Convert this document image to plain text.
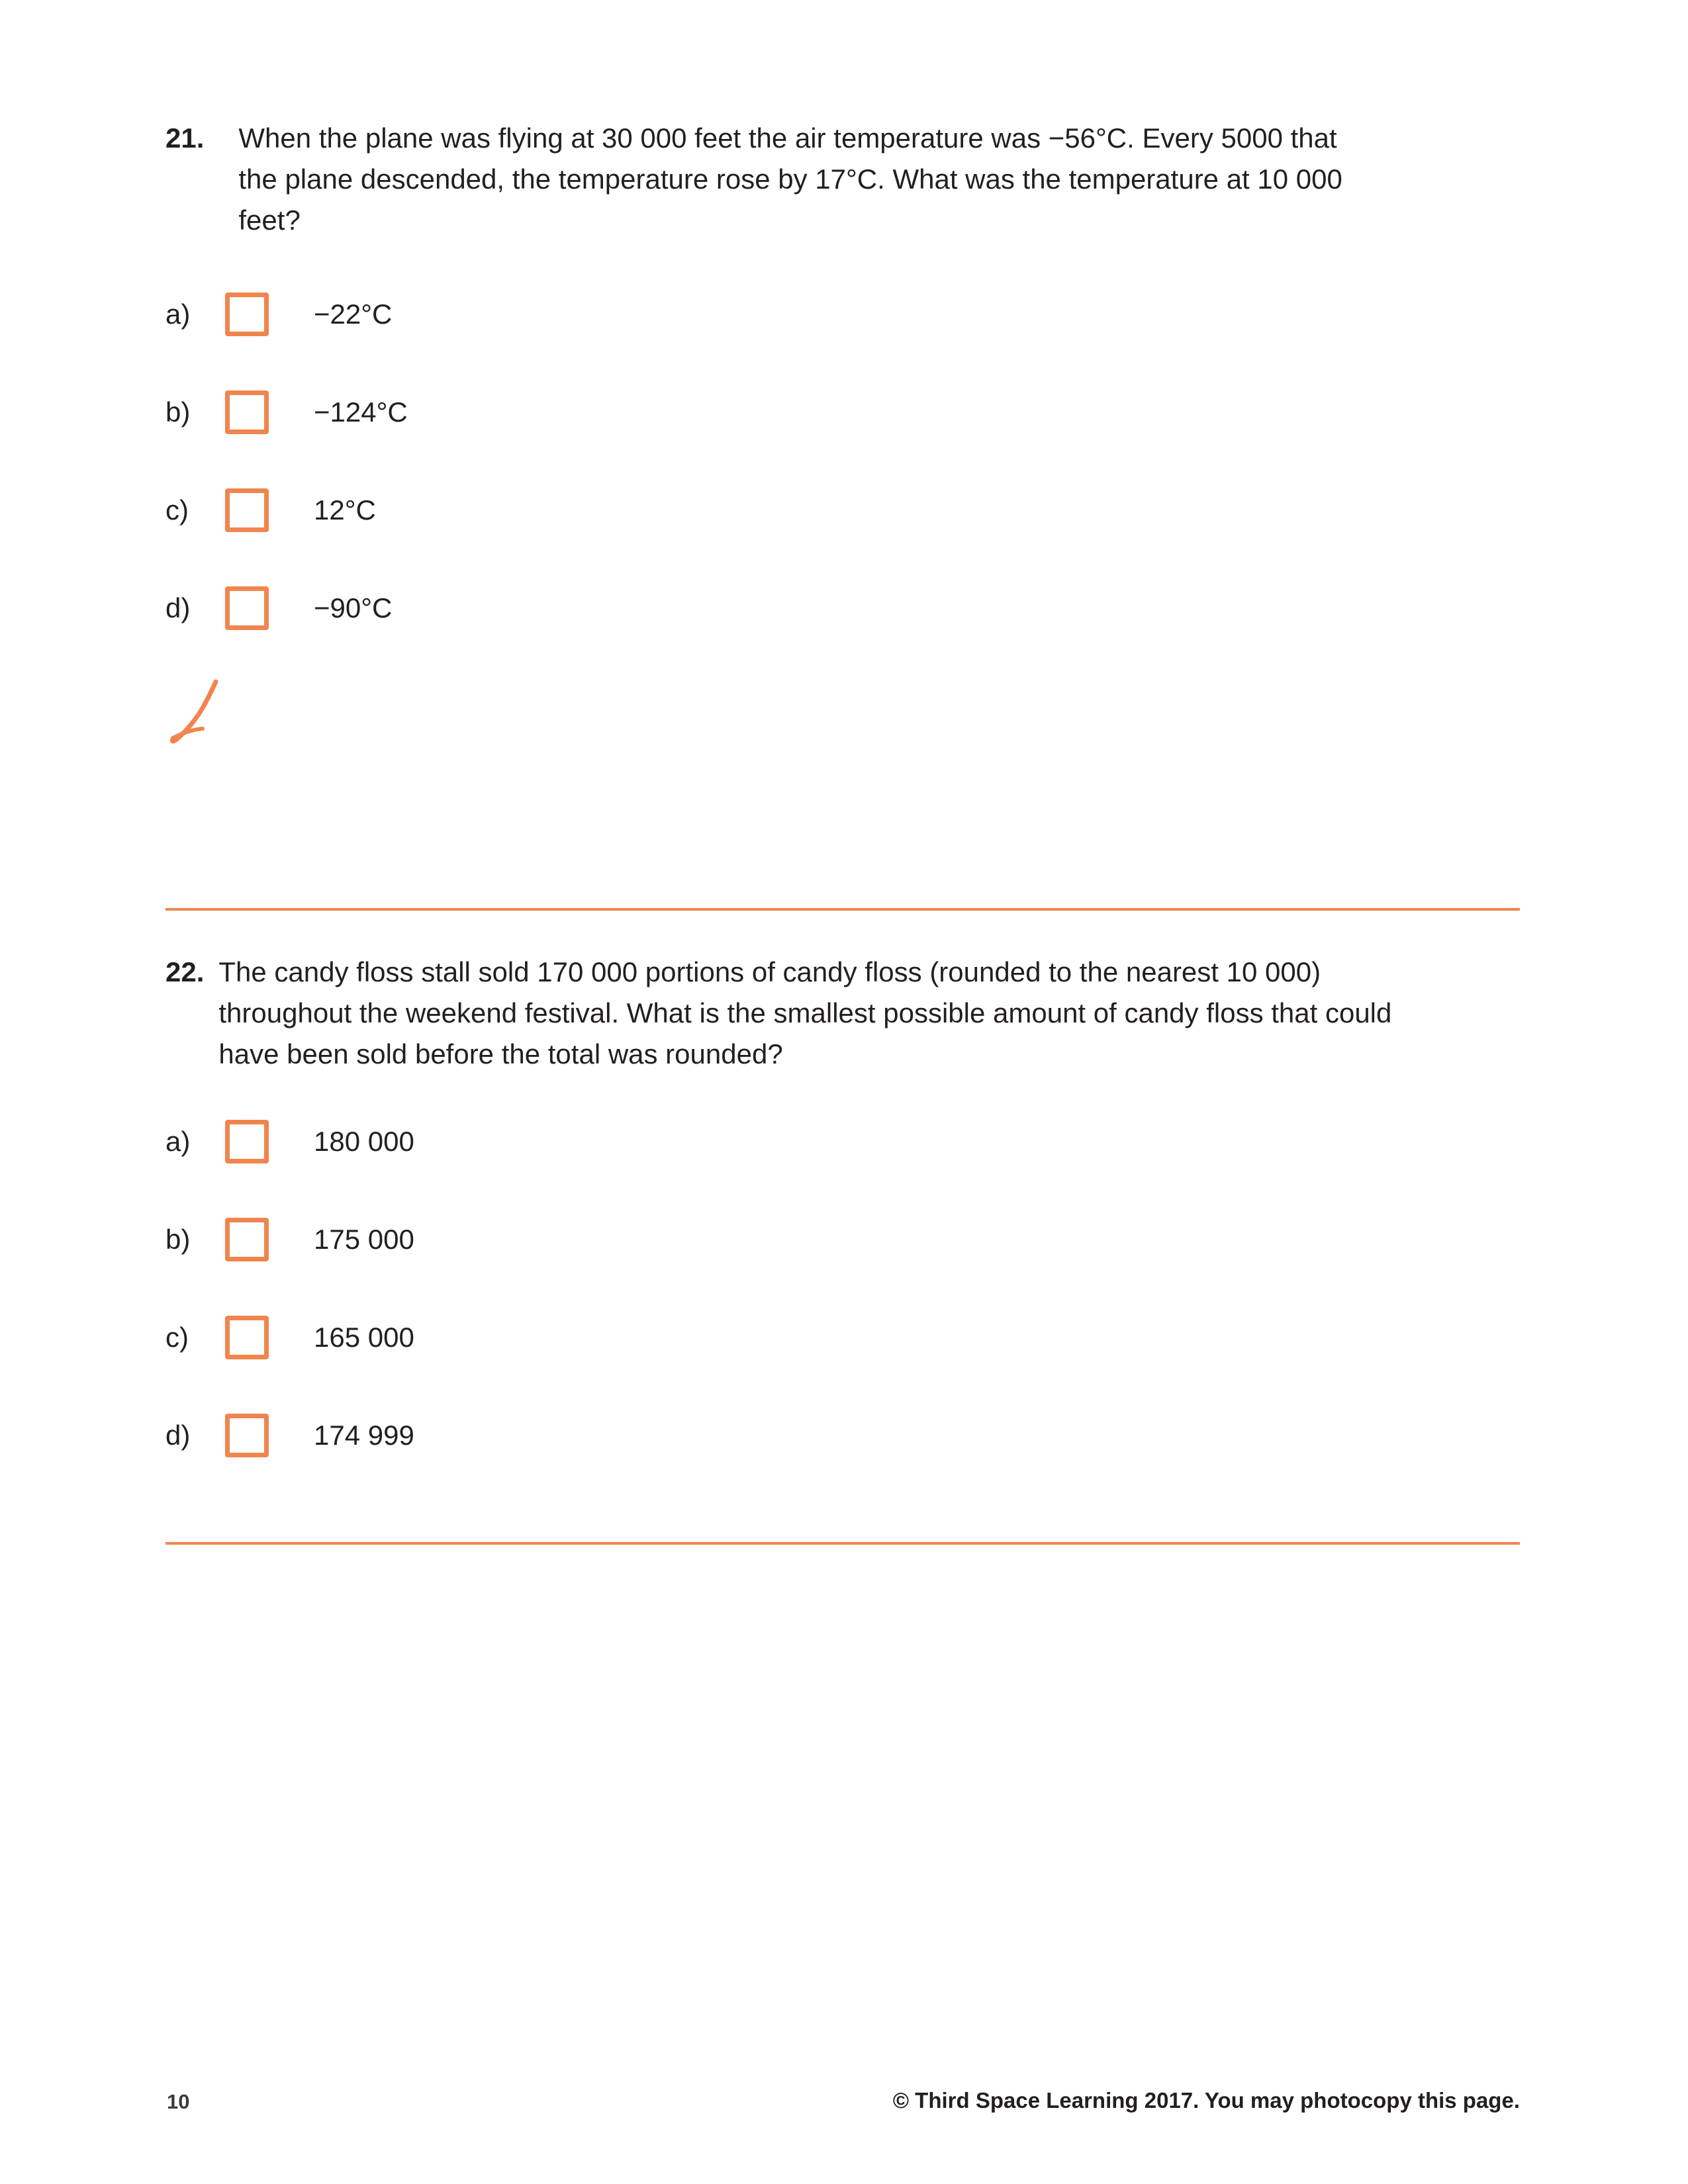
21. When the plane was flying at 30 000 feet the air temperature was −56°C. Every 5000 that the plane descended, the temperature rose by 17°C. What was the temperature at 10 000 feet?
a)	−22°C
b)	−124°C
c)	12°C
d)	−90°C
22. The candy floss stall sold 170 000 portions of candy floss (rounded to the nearest 10 000) throughout the weekend festival. What is the smallest possible amount of candy floss that could have been sold before the total was rounded?
a)	180 000
b)	175 000
c)	165 000
d)	174 999
10	© Third Space Learning 2017. You may photocopy this page.
